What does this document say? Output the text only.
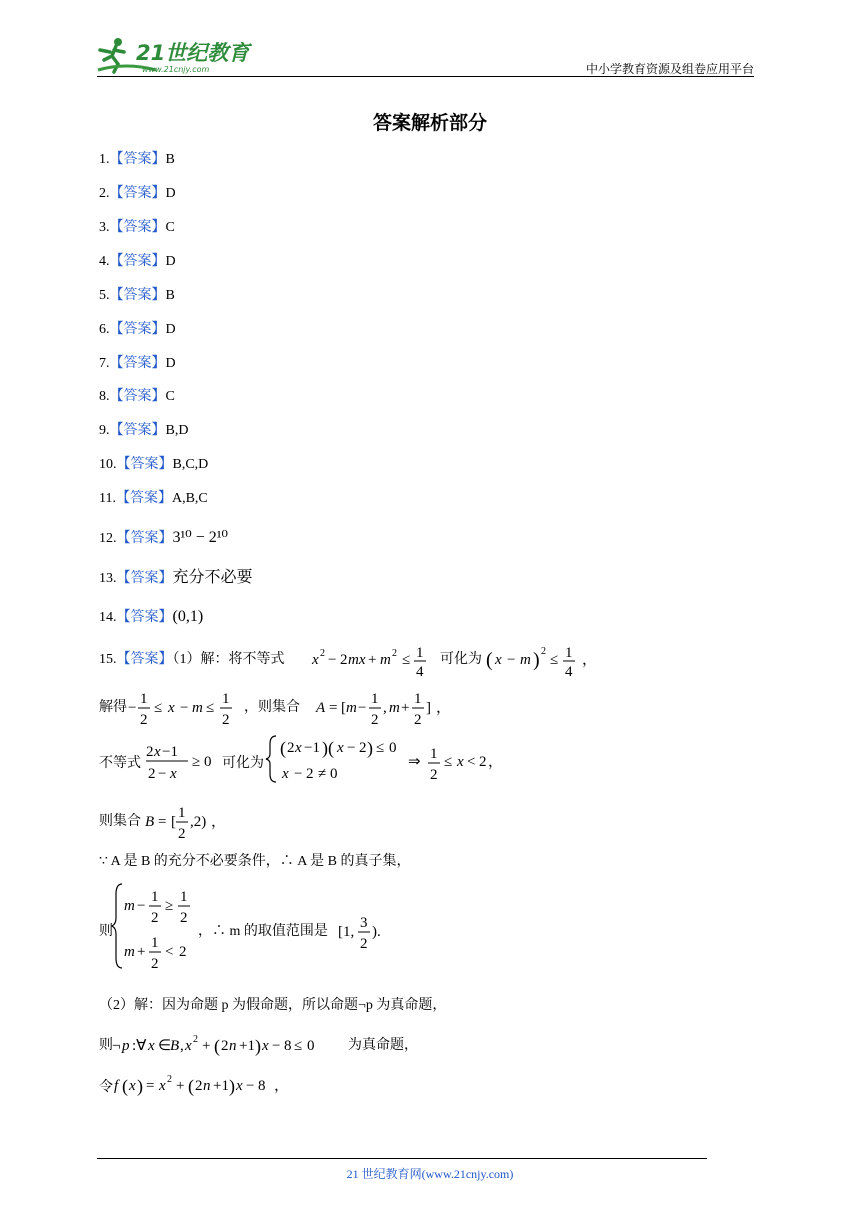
21世纪教育
www.21cnjy.com	中小学教育资源及组卷应用平台
答案解析部分
1.【答案】B
2.【答案】D
3.【答案】C
4.【答案】D
5.【答案】B
6.【答案】D
7.【答案】D
8.【答案】C
9.【答案】B,D
10.【答案】B,C,D
11.【答案】A,B,C
12.【答案】3¹⁰ − 2¹⁰
13.【答案】充分不必要
14.【答案】(0,1)
15.【答案】（1）解：将不等式 x 2 − 2 mx + m 2 ≤ 1
4
可化为 ( x − m ) 2
≤ 1
4
，
解得 −
1
2
≤ x − m ≤
1
2
，则集合 A = [ m −
1
2
, m +
1
2
] ，
不等式
2 x −1
2 − x
≥ 0 可化为
( 2 x −1 )( x − 2 ) ≤ 0
x − 2 ≠ 0
⇒ 1
2
≤ x < 2 ，
则集合 B = [
1
2
,2) ，
∵ A 是 B 的充分不必要条件，∴ A 是 B 的真子集，
则
m −
1
2
≥
1
2
m +
1
2
< 2
，∴ m 的取值范围是 [1,
3
2
).
（2）解：因为命题 p 为假命题，所以命题¬p 为真命题，
则 ¬ p :∀ x ∈
B , x 2 + ( 2 n +1 ) x − 8 ≤ 0 为真命题，
令 f ( x ) = x 2 + ( 2 n +1 ) x − 8 ，
21 世纪教育网(www.21cnjy.com)
